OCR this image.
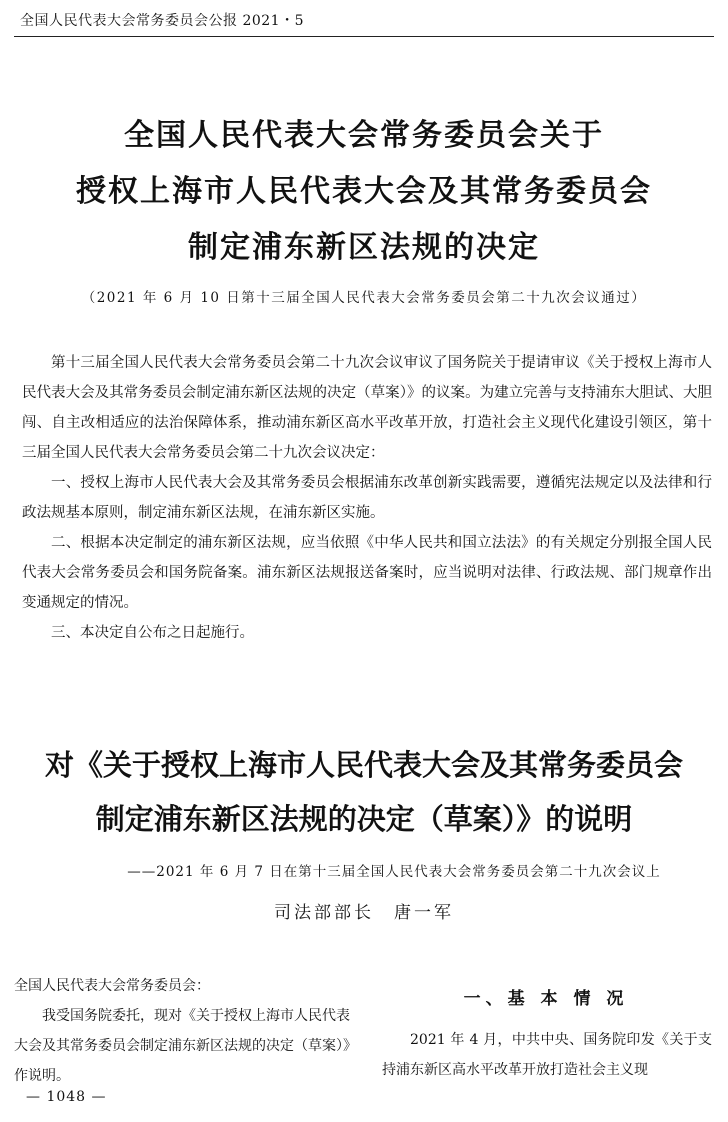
全国人民代表大会常务委员会公报 2021・5
全国人民代表大会常务委员会关于
授权上海市人民代表大会及其常务委员会
制定浦东新区法规的决定
（2021 年 6 月 10 日第十三届全国人民代表大会常务委员会第二十九次会议通过）

第十三届全国人民代表大会常务委员会第二十九次会议审议了国务院关于提请审议《关于授权上海市人民代表大会及其常务委员会制定浦东新区法规的决定（草案）》的议案。为建立完善与支持浦东大胆试、大胆闯、自主改相适应的法治保障体系，推动浦东新区高水平改革开放，打造社会主义现代化建设引领区，第十三届全国人民代表大会常务委员会第二十九次会议决定：

一、授权上海市人民代表大会及其常务委员会根据浦东改革创新实践需要，遵循宪法规定以及法律和行政法规基本原则，制定浦东新区法规，在浦东新区实施。

二、根据本决定制定的浦东新区法规，应当依照《中华人民共和国立法法》的有关规定分别报全国人民代表大会常务委员会和国务院备案。浦东新区法规报送备案时，应当说明对法律、行政法规、部门规章作出变通规定的情况。

三、本决定自公布之日起施行。

对《关于授权上海市人民代表大会及其常务委员会
制定浦东新区法规的决定（草案）》的说明
——2021 年 6 月 7 日在第十三届全国人民代表大会常务委员会第二十九次会议上
司法部部长　唐一军

全国人民代表大会常务委员会：

我受国务院委托，现对《关于授权上海市人民代表大会及其常务委员会制定浦东新区法规的决定（草案）》作说明。

一、基 本 情 况

2021 年 4 月，中共中央、国务院印发《关于支持浦东新区高水平改革开放打造社会主义现

— 1048 —
